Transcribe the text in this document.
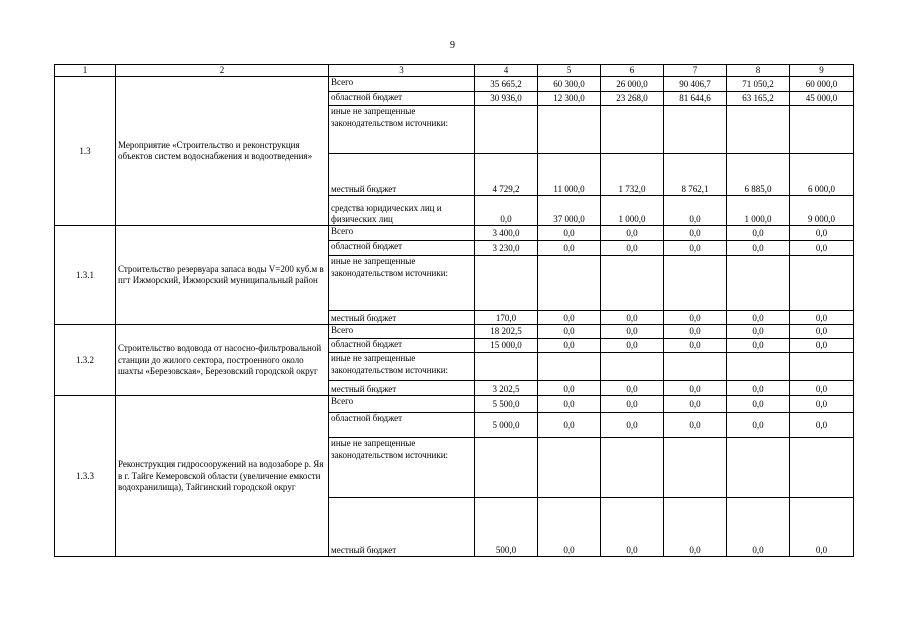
9
1	2	3	4	5	6	7	8	9
1.3	Мероприятие «Строительство и реконструкция объектов систем водоснабжения и водоотведения»	Всего	35 665,2	60 300,0	26 000,0	90 406,7	71 050,2	60 000,0
		областной бюджет	30 936,0	12 300,0	23 268,0	81 644,6	63 165,2	45 000,0
		иные не запрещенные законодательством источники:						
		местный бюджет	4 729,2	11 000,0	1 732,0	8 762,1	6 885,0	6 000,0
		средства юридических лиц и физических лиц	0,0	37 000,0	1 000,0	0,0	1 000,0	9 000,0
1.3.1	Строительство резервуара запаса воды V=200 куб.м в пгт Ижморский, Ижморский муниципальный район	Всего	3 400,0	0,0	0,0	0,0	0,0	0,0
		областной бюджет	3 230,0	0,0	0,0	0,0	0,0	0,0
		иные не запрещенные законодательством источники:						
		местный бюджет	170,0	0,0	0,0	0,0	0,0	0,0
1.3.2	Строительство водовода от насосно-фильтровальной станции до жилого сектора, построенного около шахты «Березовская», Березовский городской округ	Всего	18 202,5	0,0	0,0	0,0	0,0	0,0
		областной бюджет	15 000,0	0,0	0,0	0,0	0,0	0,0
		иные не запрещенные законодательством источники:						
		местный бюджет	3 202,5	0,0	0,0	0,0	0,0	0,0
1.3.3	Реконструкция гидросооружений на водозаборе р. Яя в г. Тайге Кемеровской области (увеличение емкости водохранилища), Тайгинский городской округ	Всего	5 500,0	0,0	0,0	0,0	0,0	0,0
		областной бюджет	5 000,0	0,0	0,0	0,0	0,0	0,0
		иные не запрещенные законодательством источники:						
		местный бюджет	500,0	0,0	0,0	0,0	0,0	0,0
